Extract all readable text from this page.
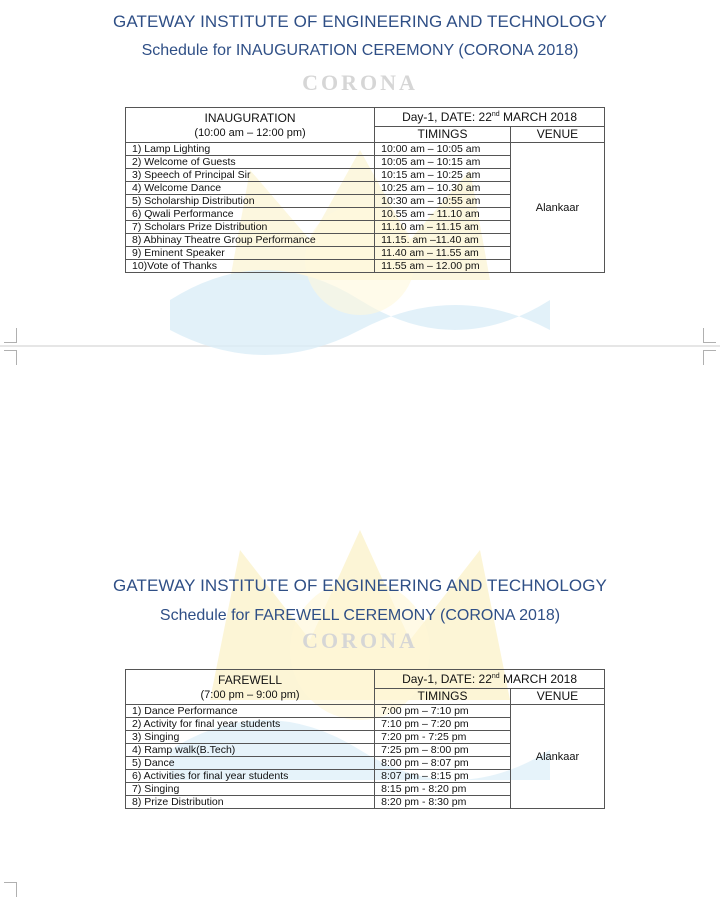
GATEWAY INSTITUTE OF ENGINEERING AND TECHNOLOGY
Schedule for INAUGURATION CEREMONY (CORONA 2018)
CORONA
INAUGURATION
(10:00 am – 12:00 pm)	Day-1, DATE: 22nd MARCH 2018	
	TIMINGS	VENUE
1) Lamp Lighting	10:00 am – 10:05 am	Alankaar
2) Welcome of Guests	10:05 am – 10:15 am	
3) Speech of Principal Sir	10:15 am – 10:25 am	
4) Welcome Dance	10:25 am – 10.30 am	
5) Scholarship Distribution	10:30 am – 10:55 am	
6) Qwali Performance	10.55 am – 11.10 am	
7) Scholars Prize Distribution	11.10 am – 11.15 am	
8) Abhinay Theatre Group Performance	11.15. am –11.40 am	
9) Eminent Speaker	11.40 am – 11.55 am	
10)Vote of Thanks	11.55 am – 12.00 pm	
GATEWAY INSTITUTE OF ENGINEERING AND TECHNOLOGY
Schedule for FAREWELL CEREMONY (CORONA 2018)
CORONA
FAREWELL
(7:00 pm – 9:00 pm)	Day-1, DATE: 22nd MARCH 2018	
	TIMINGS	VENUE
1) Dance Performance	7:00 pm – 7:10 pm	Alankaar
2) Activity for final year students	7:10 pm – 7:20 pm	
3) Singing	7:20 pm - 7:25 pm	
4) Ramp walk(B.Tech)	7:25 pm – 8:00 pm	
5) Dance	8:00 pm – 8:07 pm	
6) Activities for final year students	8:07 pm – 8:15 pm	
7) Singing	8:15 pm - 8:20 pm	
8) Prize Distribution	8:20 pm - 8:30 pm	
